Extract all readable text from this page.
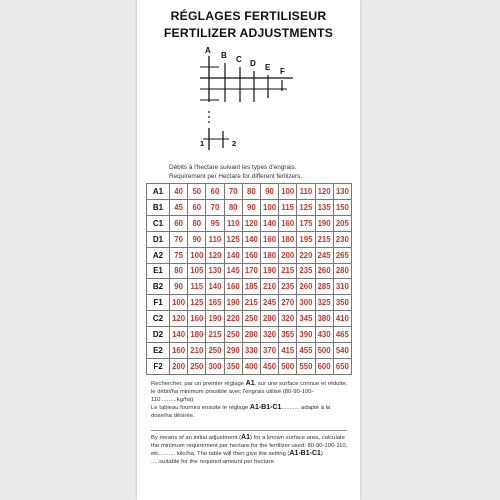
RÉGLAGES FERTILISEUR
FERTILIZER ADJUSTMENTS
A
B C D E F
1	2
Débits à l'hectare suivant les types d'engrais.
Requirement per Hectare for different ferilizers.
A1	40	50	60	70	80	90	100	110	120	130
B1	45	60	70	80	90	100	115	125	135	150
C1	60	80	95	110	120	140	160	175	190	205
D1	70	90	110	125	140	160	180	195	215	230
A2	75	100	120	140	160	180	200	220	245	265
E1	80	105	130	145	170	190	215	235	260	280
B2	90	115	140	160	185	210	235	260	285	310
F1	100	125	165	190	215	245	270	300	325	350
C2	120	160	190	220	250	280	320	345	380	410
D2	140	180	215	250	280	320	355	390	430	465
E2	160	210	250	290	330	370	415	455	500	540
F2	200	250	300	350	400	450	500	550	600	650

Rechercher, par un premier réglage A1, sur une surface connue et réduite, le débit/ha minimum possible avec l'engrais utilisé (80-90-100-110..........kg/ha).

Le tableau fournira ensuite le réglage A1-B1-C1........... adapté à la dose/ha désirée.

By means of an initial adjustment (A1) for a known surface area, calculate the minimum requirement per hectare for the fertilizer used: 80-90-100-110, etc.......... kilo/ha. The table will then give the setting (A1-B1-C1) .....suitable for the required amount per hectare.
